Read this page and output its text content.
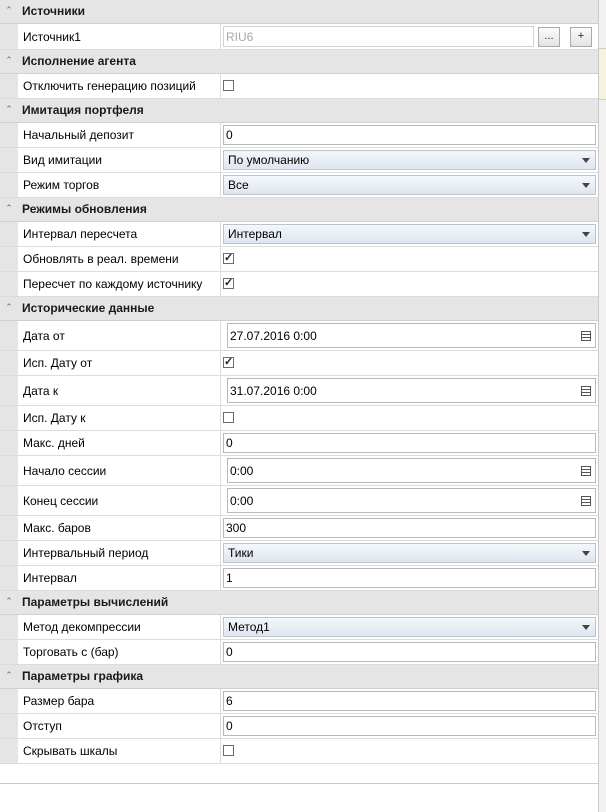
⌃ Источники
Источник1	RIU6	...	+
⌃ Исполнение агента
Отключить генерацию позиций
⌃ Имитация портфеля
Начальный депозит	0
Вид имитации	По умолчанию
Режим торгов	Все
⌃ Режимы обновления
Интервал пересчета	Интервал
Обновлять в реал. времени	✓
Пересчет по каждому источнику	✓
⌃ Исторические данные
Дата от	27.07.2016 0:00
Исп. Дату от	✓
Дата к	31.07.2016 0:00
Исп. Дату к
Макс. дней	0
Начало сессии	0:00
Конец сессии	0:00
Макс. баров	300
Интервальный период	Тики
Интервал	1
⌃ Параметры вычислений
Метод декомпрессии	Метод1
Торговать с (бар)	0
⌃ Параметры графика
Размер бара	6
Отступ	0
Скрывать шкалы
